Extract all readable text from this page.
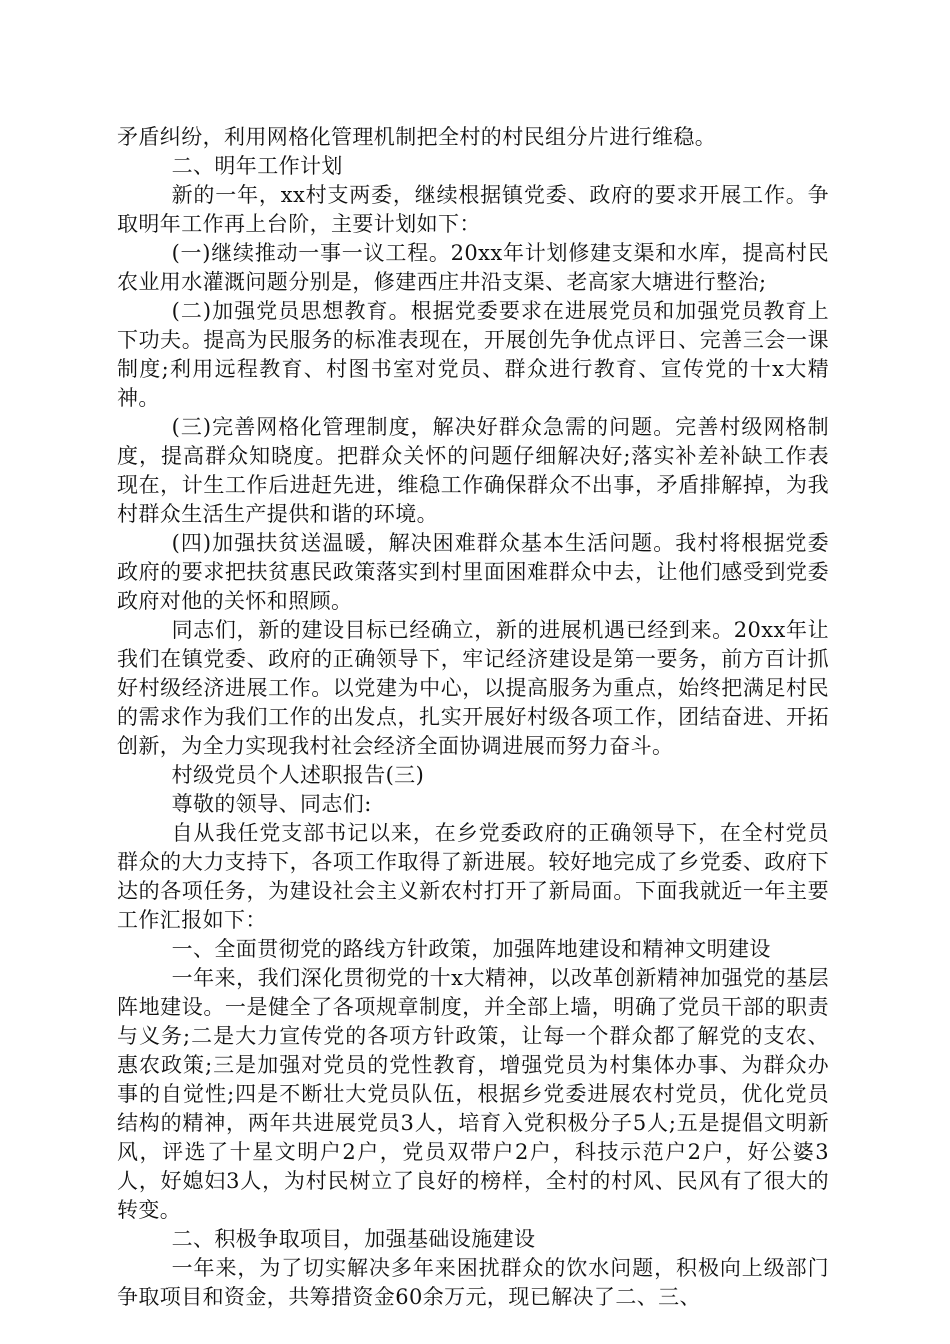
矛盾纠纷，利用网格化管理机制把全村的村民组分片进行维稳。

二、明年工作计划

新的一年，xx村支两委，继续根据镇党委、政府的要求开展工作。争取明年工作再上台阶，主要计划如下：

(一)继续推动一事一议工程。20xx年计划修建支渠和水库，提高村民农业用水灌溉问题分别是，修建西庄井沿支渠、老高家大塘进行整治;

(二)加强党员思想教育。根据党委要求在进展党员和加强党员教育上下功夫。提高为民服务的标准表现在，开展创先争优点评日、完善三会一课制度;利用远程教育、村图书室对党员、群众进行教育、宣传党的十x大精神。

(三)完善网格化管理制度，解决好群众急需的问题。完善村级网格制度，提高群众知晓度。把群众关怀的问题仔细解决好;落实补差补缺工作表现在，计生工作后进赶先进，维稳工作确保群众不出事，矛盾排解掉，为我村群众生活生产提供和谐的环境。

(四)加强扶贫送温暖，解决困难群众基本生活问题。我村将根据党委政府的要求把扶贫惠民政策落实到村里面困难群众中去，让他们感受到党委政府对他的关怀和照顾。

同志们，新的建设目标已经确立，新的进展机遇已经到来。20xx年让我们在镇党委、政府的正确领导下，牢记经济建设是第一要务，前方百计抓好村级经济进展工作。以党建为中心，以提高服务为重点，始终把满足村民的需求作为我们工作的出发点，扎实开展好村级各项工作，团结奋进、开拓创新，为全力实现我村社会经济全面协调进展而努力奋斗。

村级党员个人述职报告(三)

尊敬的领导、同志们:

自从我任党支部书记以来，在乡党委政府的正确领导下，在全村党员群众的大力支持下，各项工作取得了新进展。较好地完成了乡党委、政府下达的各项任务，为建设社会主义新农村打开了新局面。下面我就近一年主要工作汇报如下：

一、全面贯彻党的路线方针政策，加强阵地建设和精神文明建设

一年来，我们深化贯彻党的十x大精神，以改革创新精神加强党的基层阵地建设。一是健全了各项规章制度，并全部上墙，明确了党员干部的职责与义务;二是大力宣传党的各项方针政策，让每一个群众都了解党的支农、惠农政策;三是加强对党员的党性教育，增强党员为村集体办事、为群众办事的自觉性;四是不断壮大党员队伍，根据乡党委进展农村党员，优化党员结构的精神，两年共进展党员3人，培育入党积极分子5人;五是提倡文明新风，评选了十星文明户2户，党员双带户2户，科技示范户2户，好公婆3人，好媳妇3人，为村民树立了良好的榜样，全村的村风、民风有了很大的转变。

二、积极争取项目，加强基础设施建设

一年来，为了切实解决多年来困扰群众的饮水问题，积极向上级部门争取项目和资金，共筹措资金60余万元，现已解决了二、三、
